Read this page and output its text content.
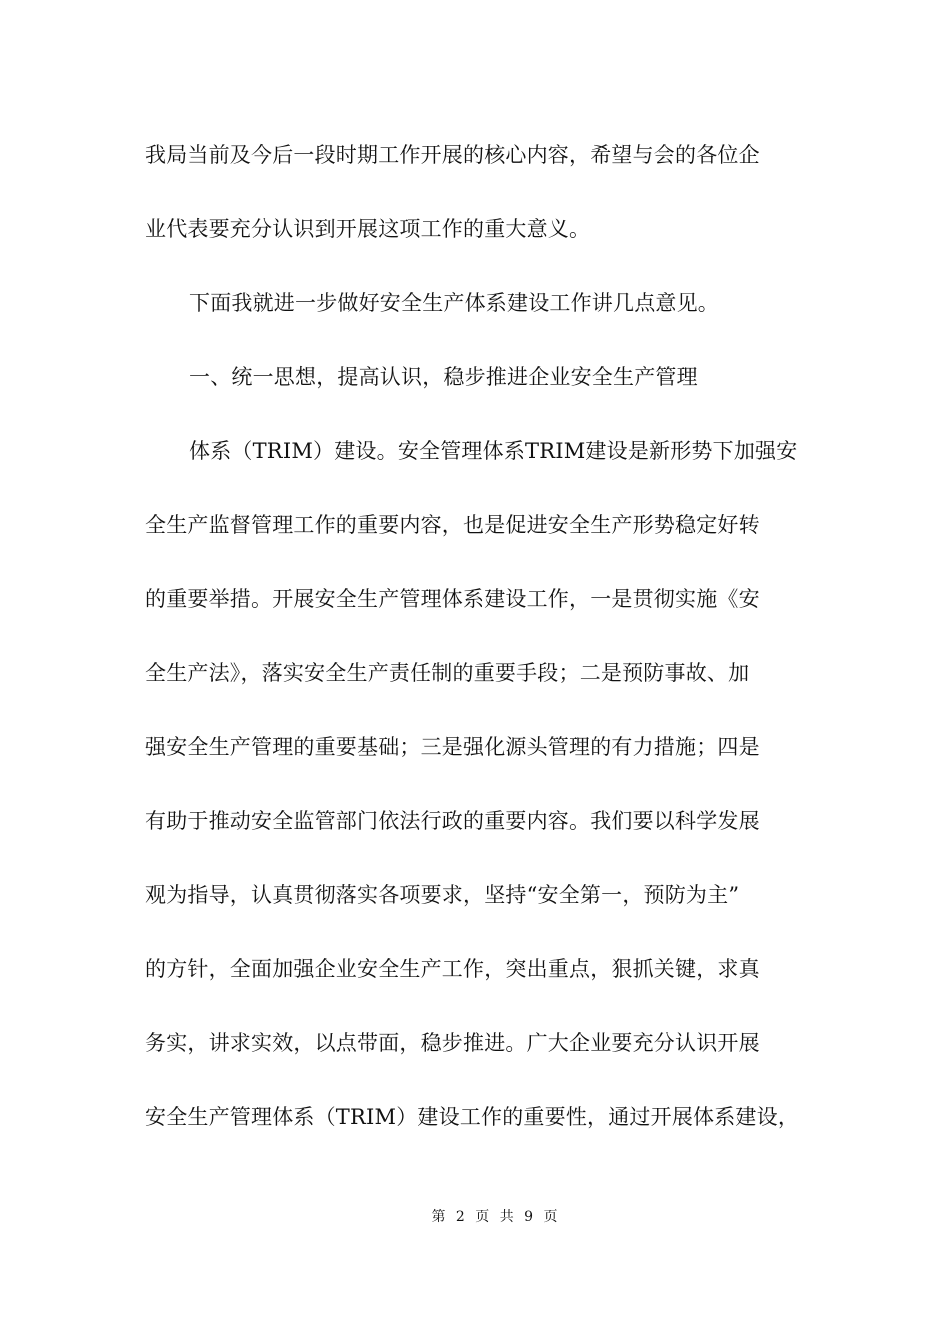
我局当前及今后一段时期工作开展的核心内容，希望与会的各位企
业代表要充分认识到开展这项工作的重大意义。
下面我就进一步做好安全生产体系建设工作讲几点意见。
一、统一思想，提高认识，稳步推进企业安全生产管理
体系（TRIM）建设。安全管理体系TRIM建设是新形势下加强安
全生产监督管理工作的重要内容，也是促进安全生产形势稳定好转
的重要举措。开展安全生产管理体系建设工作，一是贯彻实施《安
全生产法》，落实安全生产责任制的重要手段；二是预防事故、加
强安全生产管理的重要基础；三是强化源头管理的有力措施；四是
有助于推动安全监管部门依法行政的重要内容。我们要以科学发展
观为指导，认真贯彻落实各项要求，坚持“安全第一，预防为主”
的方针，全面加强企业安全生产工作，突出重点，狠抓关键，求真
务实，讲求实效，以点带面，稳步推进。广大企业要充分认识开展
安全生产管理体系（TRIM）建设工作的重要性，通过开展体系建设，
第 2 页 共 9 页
